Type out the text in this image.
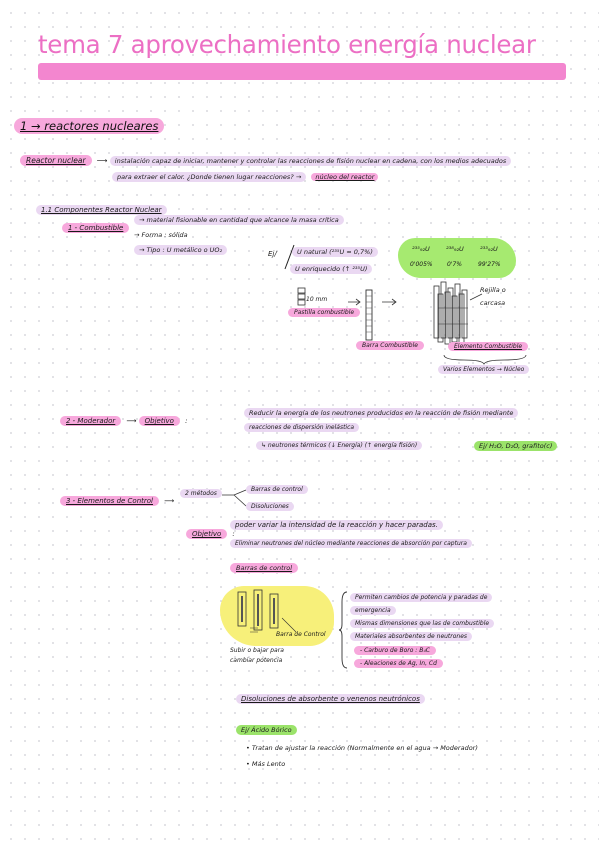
tema 7 aprovechamiento energía nuclear
1 → reactores nucleares
Reactor nuclear ⟶ instalación capaz de iniciar, mantener y controlar las reacciones de fisión nuclear en cadena, con los medios adecuados
para extraer el calor. ¿Donde tienen lugar reacciones? → núcleo del reactor
1.1 Componentes Reactor Nuclear
1 - Combustible
→ material fisionable en cantidad que alcance la masa crítica
→ Forma : sólida
→ Tipo : U metálico o UO₂	Ej/	U natural (²³⁵U ≈ 0,7%)
U enriquecido (↑ ²³⁵U)
²³⁵₉₂U ²³⁸₉₂U ²³³₉₂U
0'005% 0'7%	99'27%
10 mm
Pastilla combustible
Barra Combustible
Rejilla o carcasa
Elemento Combustible
Varios Elementos → Núcleo
2 - Moderador ⟶ Objetivo :
Reducir la energía de los neutrones producidos en la reacción de fisión mediante
reacciones de dispersión inelástica
↳ neutrones térmicos (↓ Energía) (↑ energía fisión)	Ej/ H₂O, D₂O, grafito(c)
3 - Elementos de Control ⟶
2 métodos
Barras de control
Disoluciones
Objetivo :
poder variar la intensidad de la reacción y hacer paradas.
Eliminar neutrones del núcleo mediante reacciones de absorción por captura
Barras de control
Barra de Control
Subir o bajar para cambiar potencia
Permiten cambios de potencia y paradas de
emergencia
Mismas dimensiones que las de combustible
Materiales absorbentes de neutrones
- Carburo de Boro : B₄C
- Aleaciones de Ag, In, Cd
Disoluciones de absorbente o venenos neutrónicos
Ej/ Ácido Bórico
• Tratan de ajustar la reacción (Normalmente en el agua → Moderador)
• Más Lento
